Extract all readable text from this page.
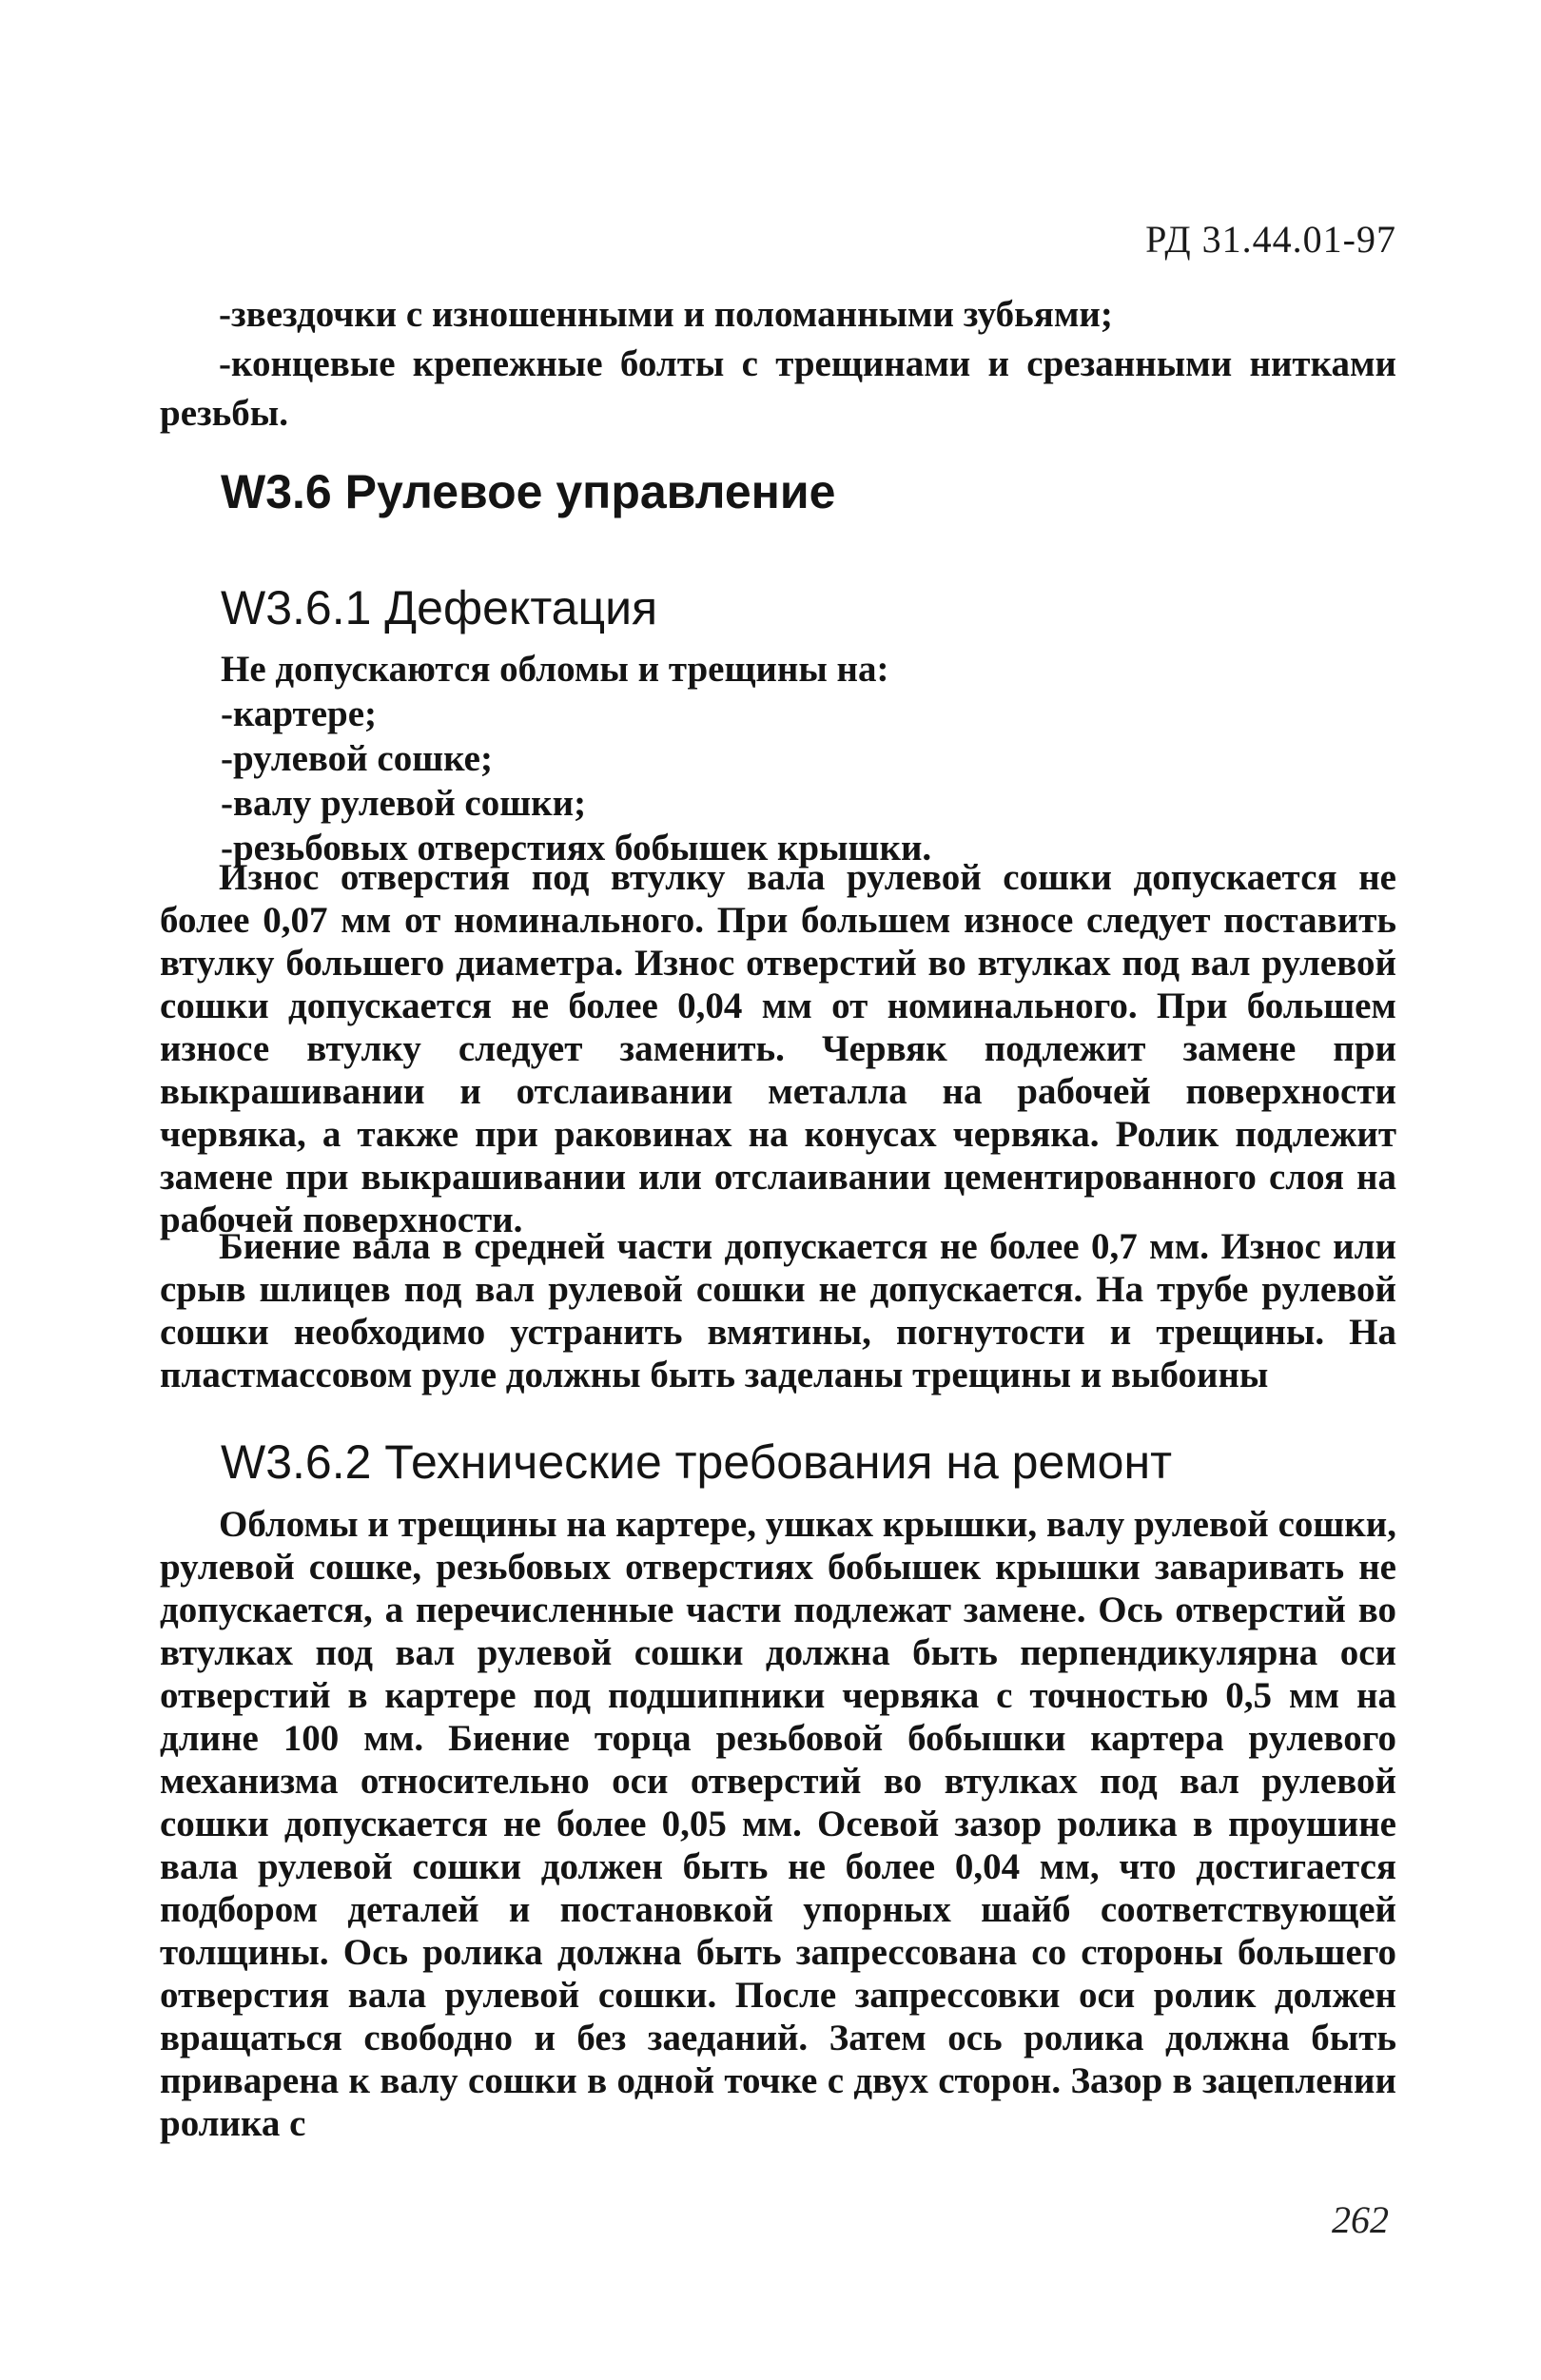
РД 31.44.01-97

-звездочки с изношенными и поломанными зубьями;

-концевые крепежные болты с трещинами и срезанными нитками резьбы.

W3.6 Рулевое управление
W3.6.1 Дефектация
Не допускаются обломы и трещины на:
-картере;
-рулевой сошке;
-валу рулевой сошки;
-резьбовых отверстиях бобышек крышки.

Износ отверстия под втулку вала рулевой сошки допускается не более 0,07 мм от номинального. При большем износе следует поставить втулку большего диаметра. Износ отверстий во втулках под вал рулевой сошки допускается не более 0,04 мм от номинального. При большем износе втулку следует заменить. Червяк подлежит замене при выкрашивании и отслаивании металла на рабочей поверхности червяка, а также при раковинах на конусах червяка. Ролик подлежит замене при выкрашивании или отслаивании цементированного слоя на рабочей поверхности.

Биение вала в средней части допускается не более 0,7 мм. Износ или срыв шлицев под вал рулевой сошки не допускается. На трубе рулевой сошки необходимо устранить вмятины, погнутости и трещины. На пластмассовом руле должны быть заделаны трещины и выбоины

W3.6.2 Технические требования на ремонт

Обломы и трещины на картере, ушках крышки, валу рулевой сошки, рулевой сошке, резьбовых отверстиях бобышек крышки заваривать не допускается, а перечисленные части подлежат замене. Ось отверстий во втулках под вал рулевой сошки должна быть перпендикулярна оси отверстий в картере под подшипники червяка с точностью 0,5 мм на длине 100 мм. Биение торца резьбовой бобышки картера рулевого механизма относительно оси отверстий во втулках под вал рулевой сошки допускается не более 0,05 мм. Осевой зазор ролика в проушине вала рулевой сошки должен быть не более 0,04 мм, что достигается подбором деталей и постановкой упорных шайб соответствующей толщины. Ось ролика должна быть запрессована со стороны большего отверстия вала рулевой сошки. После запрессовки оси ролик должен вращаться свободно и без заеданий. Затем ось ролика должна быть приварена к валу сошки в одной точке с двух сторон. Зазор в зацеплении ролика с

262
